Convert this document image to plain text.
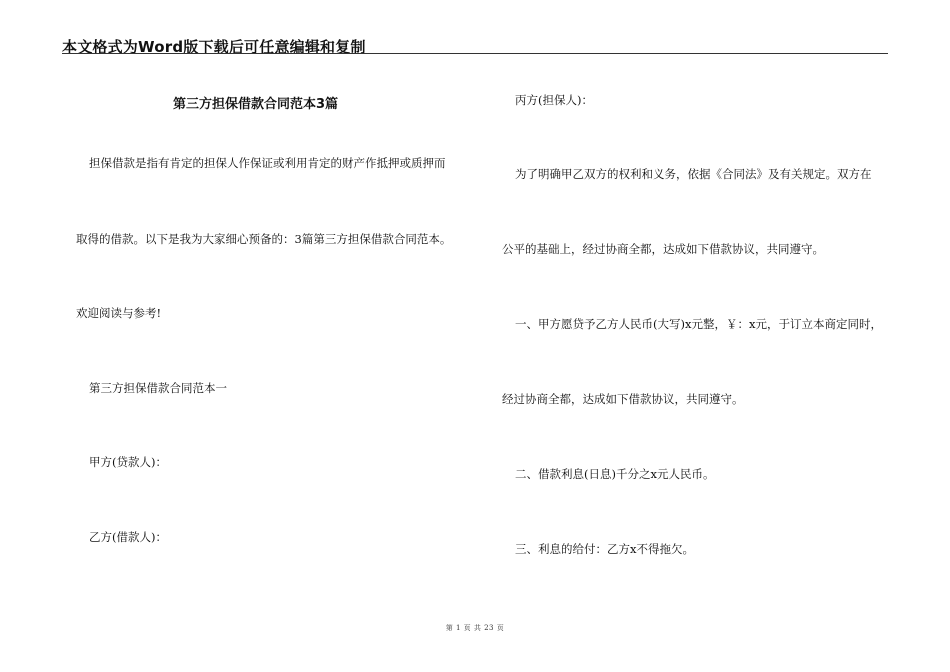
本文格式为Word版下载后可任意编辑和复制
第三方担保借款合同范本3篇
担保借款是指有肯定的担保人作保证或利用肯定的财产作抵押或质押而
取得的借款。以下是我为大家细心预备的：3篇第三方担保借款合同范本。
欢迎阅读与参考!
第三方担保借款合同范本一
甲方(贷款人)：
乙方(借款人)：
丙方(担保人)：
为了明确甲乙双方的权利和义务，依据《合同法》及有关规定。双方在
公平的基础上，经过协商全都，达成如下借款协议，共同遵守。
一、甲方愿贷予乙方人民币(大写)x元整，￥：x元，于订立本商定同时，
经过协商全都，达成如下借款协议，共同遵守。
二、借款利息(日息)千分之x元人民币。
三、利息的给付：乙方x不得拖欠。
第 1 页 共 23 页
